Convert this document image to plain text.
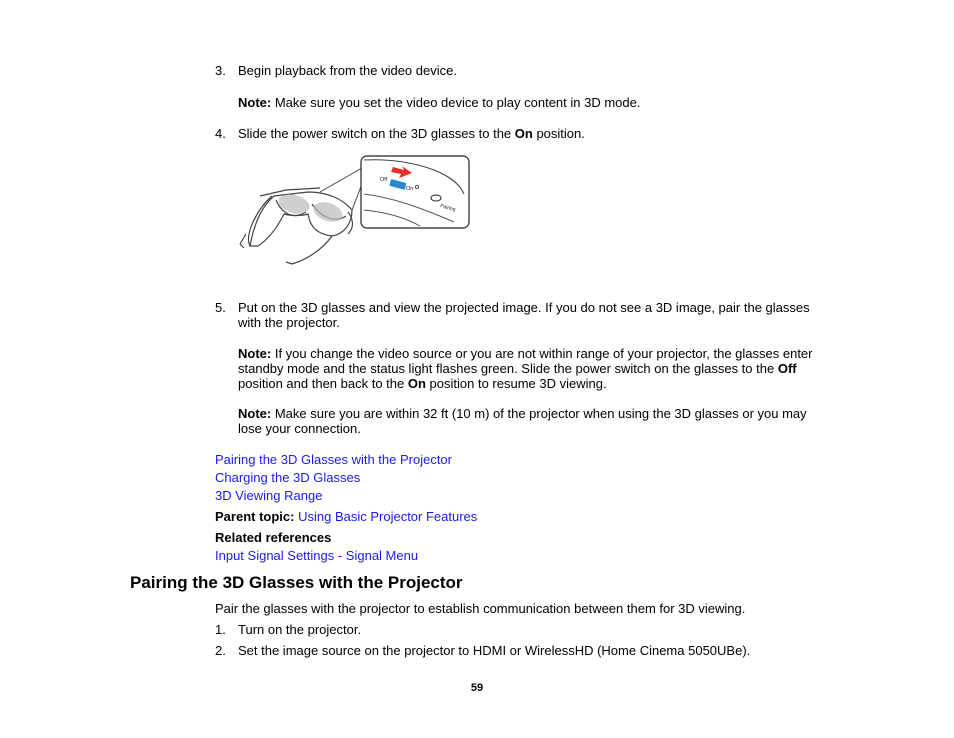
3. Begin playback from the video device.
Note: Make sure you set the video device to play content in 3D mode.
4. Slide the power switch on the 3D glasses to the On position.
Off
On
Pairing
5. Put on the 3D glasses and view the projected image. If you do not see a 3D image, pair the glasses
with the projector.
Note: If you change the video source or you are not within range of your projector, the glasses enter
standby mode and the status light flashes green. Slide the power switch on the glasses to the Off
position and then back to the On position to resume 3D viewing.
Note: Make sure you are within 32 ft (10 m) of the projector when using the 3D glasses or you may
lose your connection.
Pairing the 3D Glasses with the Projector
Charging the 3D Glasses
3D Viewing Range
Parent topic: Using Basic Projector Features
Related references
Input Signal Settings - Signal Menu
Pairing the 3D Glasses with the Projector
Pair the glasses with the projector to establish communication between them for 3D viewing.
1. Turn on the projector.
2. Set the image source on the projector to HDMI or WirelessHD (Home Cinema 5050UBe).
59
